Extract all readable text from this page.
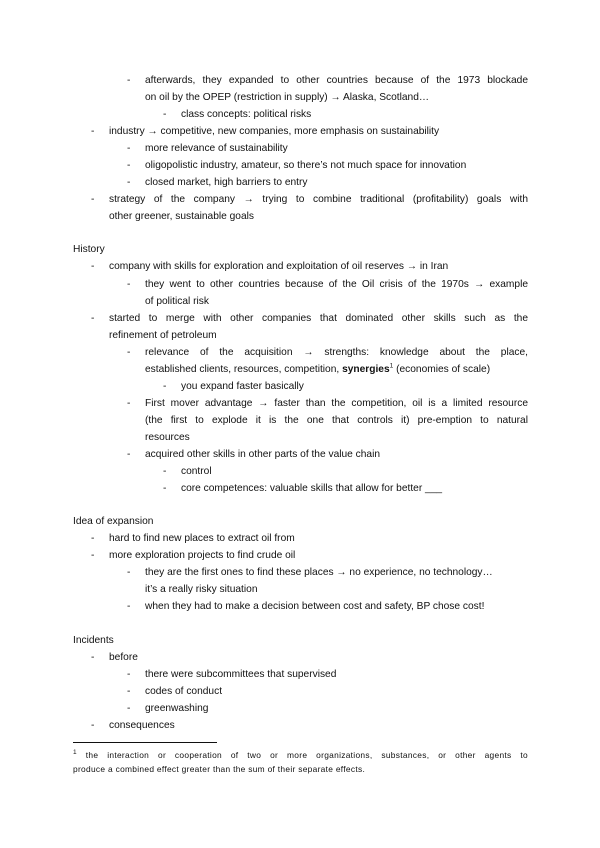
- afterwards, they expanded to other countries because of the 1973 blockade
on oil by the OPEP (restriction in supply) → Alaska, Scotland…
- class concepts: political risks
- industry → competitive, new companies, more emphasis on sustainability
- more relevance of sustainability
- oligopolistic industry, amateur, so there’s not much space for innovation
- closed market, high barriers to entry
- strategy of the company → trying to combine traditional (profitability) goals with
other greener, sustainable goals
History
- company with skills for exploration and exploitation of oil reserves → in Iran
- they went to other countries because of the Oil crisis of the 1970s → example
of political risk
- started to merge with other companies that dominated other skills such as the
refinement of petroleum
- relevance of the acquisition → strengths: knowledge about the place,
established clients, resources, competition, synergies$^1$ (economies of scale)
- you expand faster basically
- First mover advantage → faster than the competition, oil is a limited resource
(the first to explode it is the one that controls it) pre-emption to natural
resources
- acquired other skills in other parts of the value chain
- control
- core competences: valuable skills that allow for better ___
Idea of expansion
- hard to find new places to extract oil from
- more exploration projects to find crude oil
- they are the first ones to find these places → no experience, no technology…
it’s a really risky situation
- when they had to make a decision between cost and safety, BP chose cost!
Incidents
- before
- there were subcommittees that supervised
- codes of conduct
- greenwashing
- consequences
$^1$ the interaction or cooperation of two or more organizations, substances, or other agents to
produce a combined effect greater than the sum of their separate effects.
